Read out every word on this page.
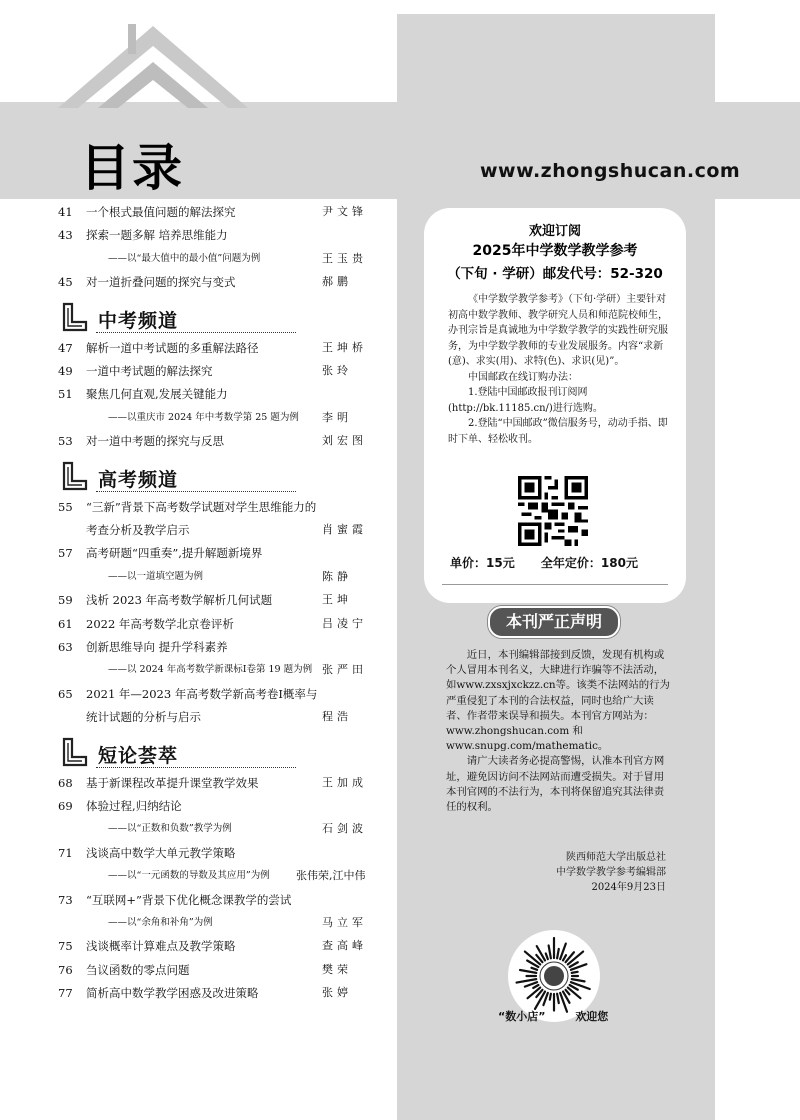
目录	www.zhongshucan.com
41	一个根式最值问题的解法探究	尹文锋
43	探索一题多解 培养思维能力
——以“最大值中的最小值”问题为例	王玉贵
45	对一道折叠问题的探究与变式	郝鹏
中考频道
47	解析一道中考试题的多重解法路径	王坤桥
49	一道中考试题的解法探究	张玲
51	聚焦几何直观,发展关键能力
——以重庆市 2024 年中考数学第 25 题为例 李明
53	对一道中考题的探究与反思	刘宏图
高考频道
55	“三新”背景下高考数学试题对学生思维能力的
考查分析及教学启示	肖蜜霞
57	高考研题“四重奏”,提升解题新境界
——以一道填空题为例	陈静
59	浅析 2023 年高考数学解析几何试题	王坤
61	2022 年高考数学北京卷评析	吕凌宁
63	创新思维导向 提升学科素养
——以 2024 年高考数学新课标Ⅰ卷第 19 题为例 张严田
65	2021 年—2023 年高考数学新高考卷Ⅰ概率与
统计试题的分析与启示	程浩
短论荟萃
68	基于新课程改革提升课堂教学效果	王加成
69	体验过程,归纳结论
——以“正数和负数”教学为例	石剑波
71	浅谈高中数学大单元教学策略
——以“一元函数的导数及其应用”为例 张伟荣,江中伟
73	“互联网+”背景下优化概念课教学的尝试
——以“余角和补角”为例	马立军
75	浅谈概率计算难点及教学策略	查高峰
76	刍议函数的零点问题	樊荣
77	简析高中数学教学困惑及改进策略	张婷
欢迎订阅
2025年中学数学教学参考
（下旬 · 学研）邮发代号：52-320

《中学数学教学参考》（下旬·学研）主要针对初高中数学教师、教学研究人员和师范院校师生，办刊宗旨是真诚地为中学数学教学的实践性研究服务，为中学数学教师的专业发展服务。内容“求新(意)、求实(用)、求特(色)、求识(见)”。

中国邮政在线订购办法：

1.登陆中国邮政报刊订阅网(http://bk.11185.cn/)进行选购。

2.登陆“中国邮政”微信服务号，动动手指、即时下单、轻松收刊。

单价：15元 全年定价：180元
本刊严正声明

近日，本刊编辑部接到反馈，发现有机构或个人冒用本刊名义，大肆进行诈骗等不法活动，如www.zxsxjxckzz.cn等。该类不法网站的行为严重侵犯了本刊的合法权益，同时也给广大读者、作者带来误导和损失。本刊官方网站为：www.zhongshucan.com 和 www.snupg.com/mathematic。

请广大读者务必提高警惕，认准本刊官方网址，避免因访问不法网站而遭受损失。对于冒用本刊官网的不法行为，本刊将保留追究其法律责任的权利。

陕西师范大学出版总社
中学数学教学参考编辑部
2024年9月23日
“数小店”	欢迎您
